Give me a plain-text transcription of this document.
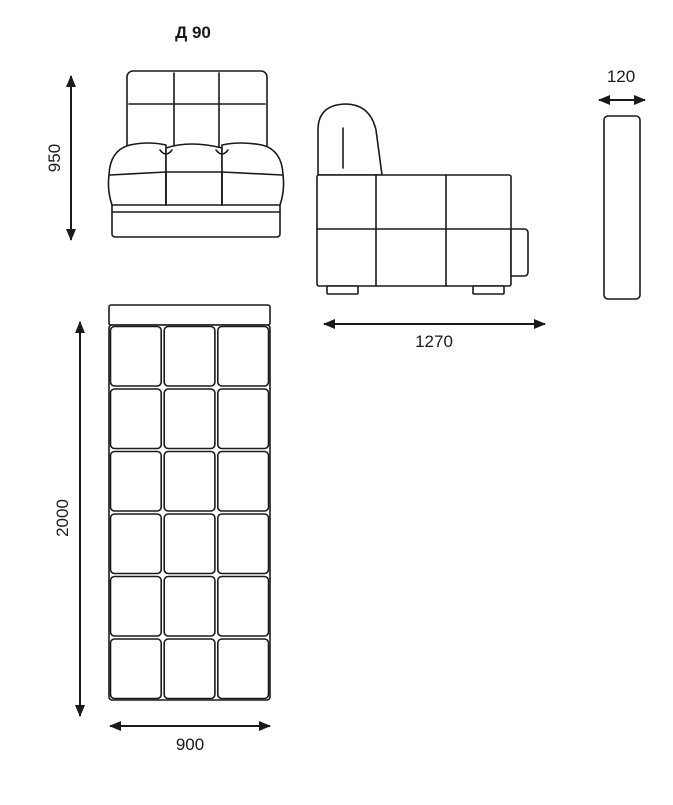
Д 90
950
1270
120
2000
900
